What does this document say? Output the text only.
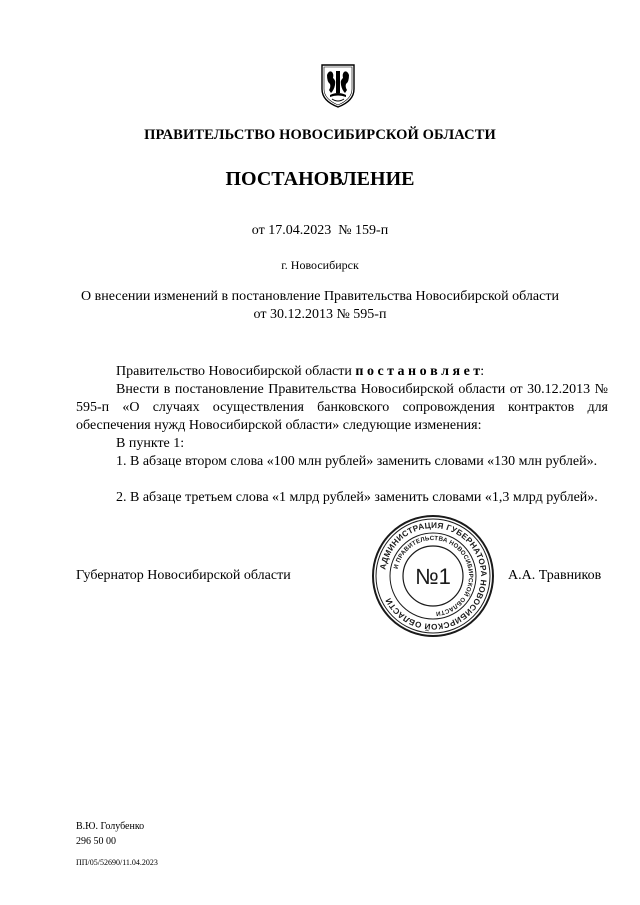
ПРАВИТЕЛЬСТВО НОВОСИБИРСКОЙ ОБЛАСТИ
ПОСТАНОВЛЕНИЕ
от 17.04.2023  № 159-п
г. Новосибирск
О внесении изменений в постановление Правительства Новосибирской области
от 30.12.2013 № 595-п
Правительство Новосибирской области п о с т а н о в л я е т:
Внести в постановление Правительства Новосибирской области от 30.12.2013 № 595-п «О случаях осуществления банковского сопровождения контрактов для обеспечения нужд Новосибирской области» следующие изменения:
В пункте 1:
1. В абзаце втором слова «100 млн рублей» заменить словами «130 млн рублей».
2. В абзаце третьем слова «1 млрд рублей» заменить словами «1,3 млрд рублей».
АДМИНИСТРАЦИЯ ГУБЕРНАТОРА НОВОСИБИРСКОЙ ОБЛАСТИ
И ПРАВИТЕЛЬСТВА НОВОСИБИРСКОЙ ОБЛАСТИ
№1
Губернатор Новосибирской области	А.А. Травников
В.Ю. Голубенко
296 50 00
ПП/05/52690/11.04.2023
